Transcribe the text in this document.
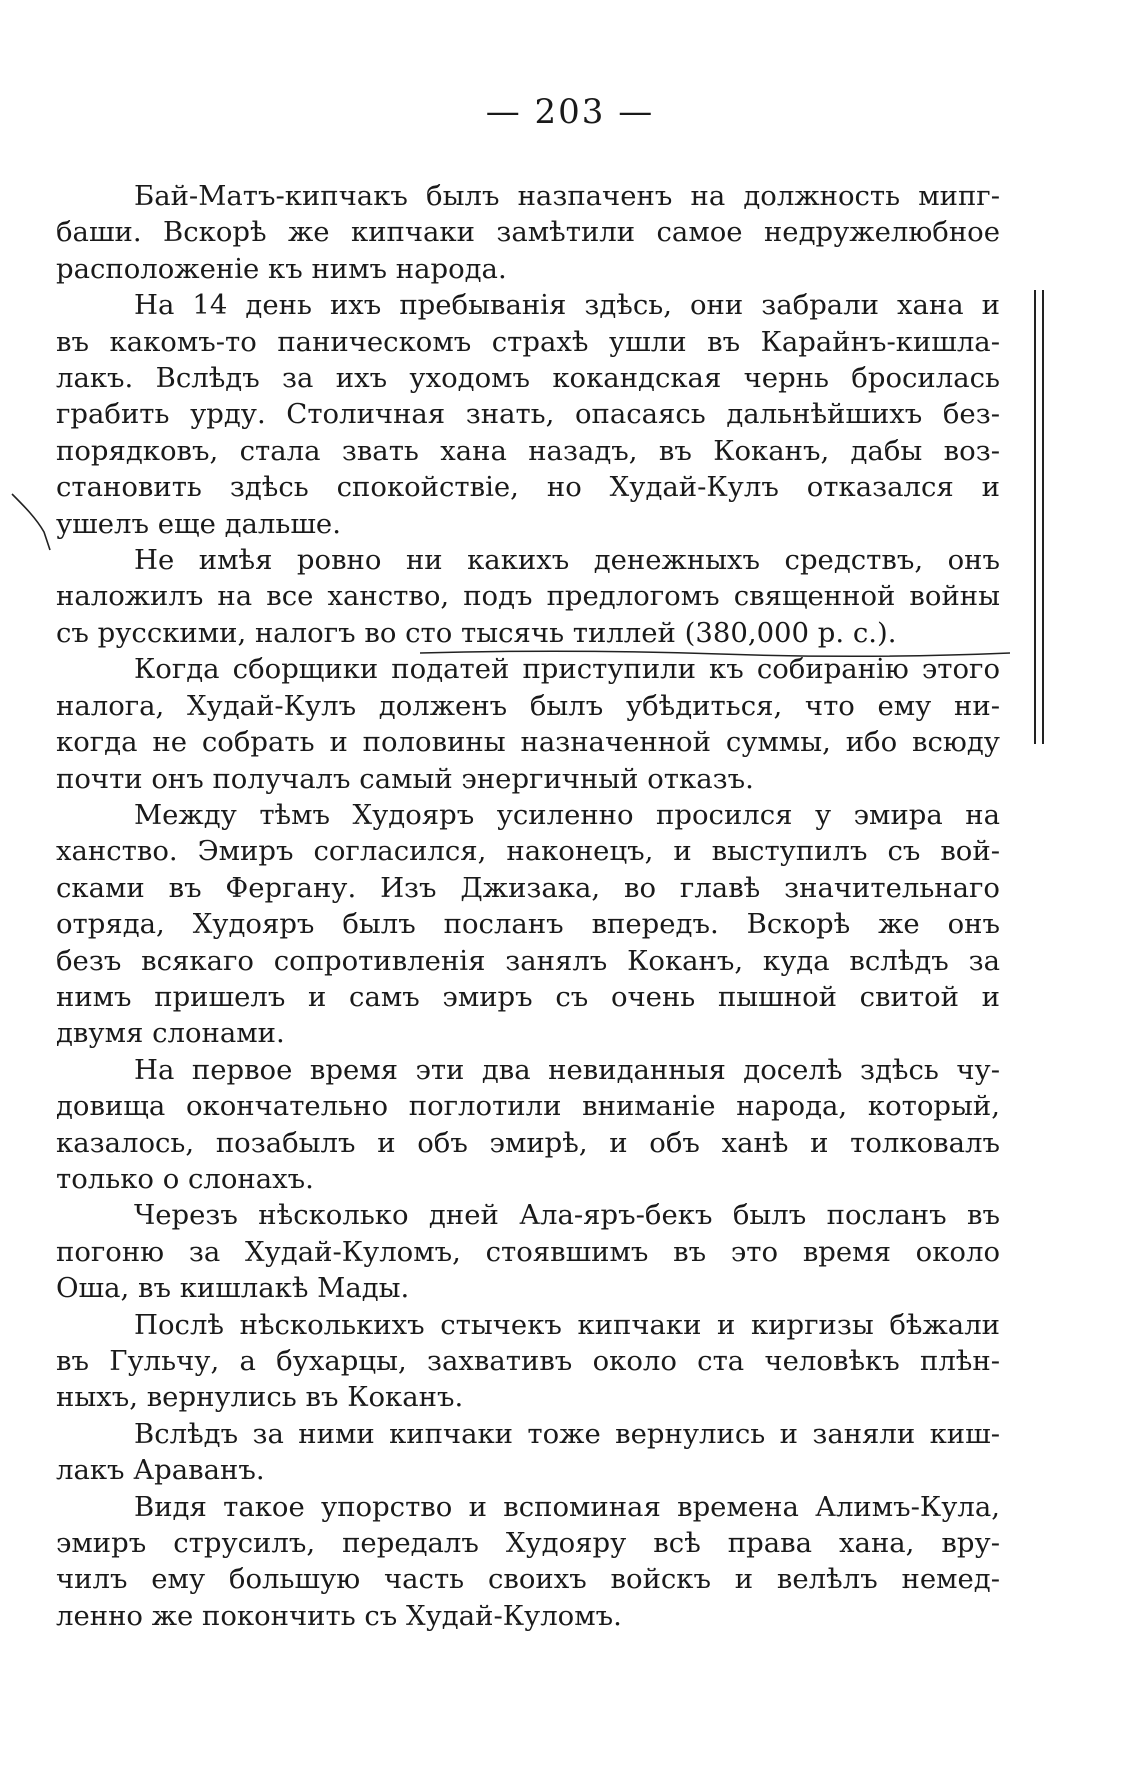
— 203 —
Бай-Матъ-кипчакъ былъ назпаченъ на должность мипг-
баши. Вскорѣ же кипчаки замѣтили самое недружелюбное
расположеніе къ нимъ народа.
На 14 день ихъ пребыванія здѣсь, они забрали хана и
въ какомъ-то паническомъ страхѣ ушли въ Карайнъ-кишла-
лакъ. Вслѣдъ за ихъ уходомъ кокандская чернь бросилась
грабить урду. Столичная знать, опасаясь дальнѣйшихъ без-
порядковъ, стала звать хана назадъ, въ Коканъ, дабы воз-
становить здѣсь спокойствіе, но Худай-Кулъ отказался и
ушелъ еще дальше.
Не имѣя ровно ни какихъ денежныхъ средствъ, онъ
наложилъ на все ханство, подъ предлогомъ священной войны
съ русскими, налогъ во сто тысячь тиллей (380,000 р. с.).
Когда сборщики податей приступили къ собиранію этого
налога, Худай-Кулъ долженъ былъ убѣдиться, что ему ни-
когда не собрать и половины назначенной суммы, ибо всюду
почти онъ получалъ самый энергичный отказъ.
Между тѣмъ Худояръ усиленно просился у эмира на
ханство. Эмиръ согласился, наконецъ, и выступилъ съ вой-
сками въ Фергану. Изъ Джизака, во главѣ значительнаго
отряда, Худояръ былъ посланъ впередъ. Вскорѣ же онъ
безъ всякаго сопротивленія занялъ Коканъ, куда вслѣдъ за
нимъ пришелъ и самъ эмиръ съ очень пышной свитой и
двумя слонами.
На первое время эти два невиданныя доселѣ здѣсь чу-
довища окончательно поглотили вниманіе народа, который,
казалось, позабылъ и объ эмирѣ, и объ ханѣ и толковалъ
только о слонахъ.
Черезъ нѣсколько дней Ала-яръ-бекъ былъ посланъ въ
погоню за Худай-Куломъ, стоявшимъ въ это время около
Оша, въ кишлакѣ Мады.
Послѣ нѣсколькихъ стычекъ кипчаки и киргизы бѣжали
въ Гульчу, а бухарцы, захвативъ около ста человѣкъ плѣн-
ныхъ, вернулись въ Коканъ.
Вслѣдъ за ними кипчаки тоже вернулись и заняли киш-
лакъ Араванъ.
Видя такое упорство и вспоминая времена Алимъ-Кула,
эмиръ струсилъ, передалъ Худояру всѣ права хана, вру-
чилъ ему большую часть своихъ войскъ и велѣлъ немед-
ленно же покончить съ Худай-Куломъ.
